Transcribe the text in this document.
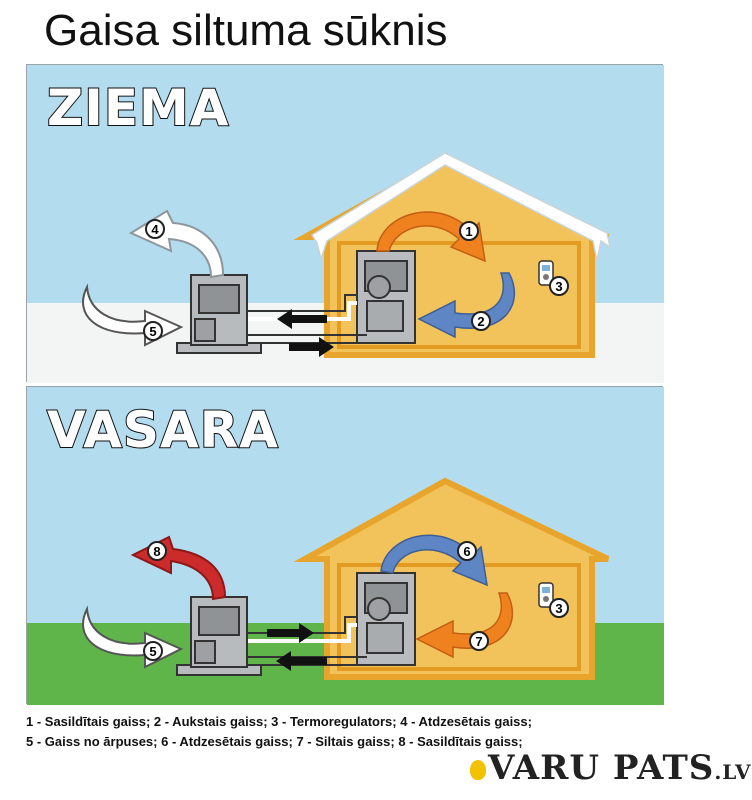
Gaisa siltuma sūknis
1
2
3
4
5
ZIEMA
6
7
3
8
5
VASARA
1 - Sasildītais gaiss; 2 - Aukstais gaiss; 3 - Termoregulators; 4 - Atdzesētais gaiss;
5 - Gaiss no ārpuses; 6 - Atdzesētais gaiss; 7 - Siltais gaiss; 8 - Sasildītais gaiss;
VARU PATS.LV
